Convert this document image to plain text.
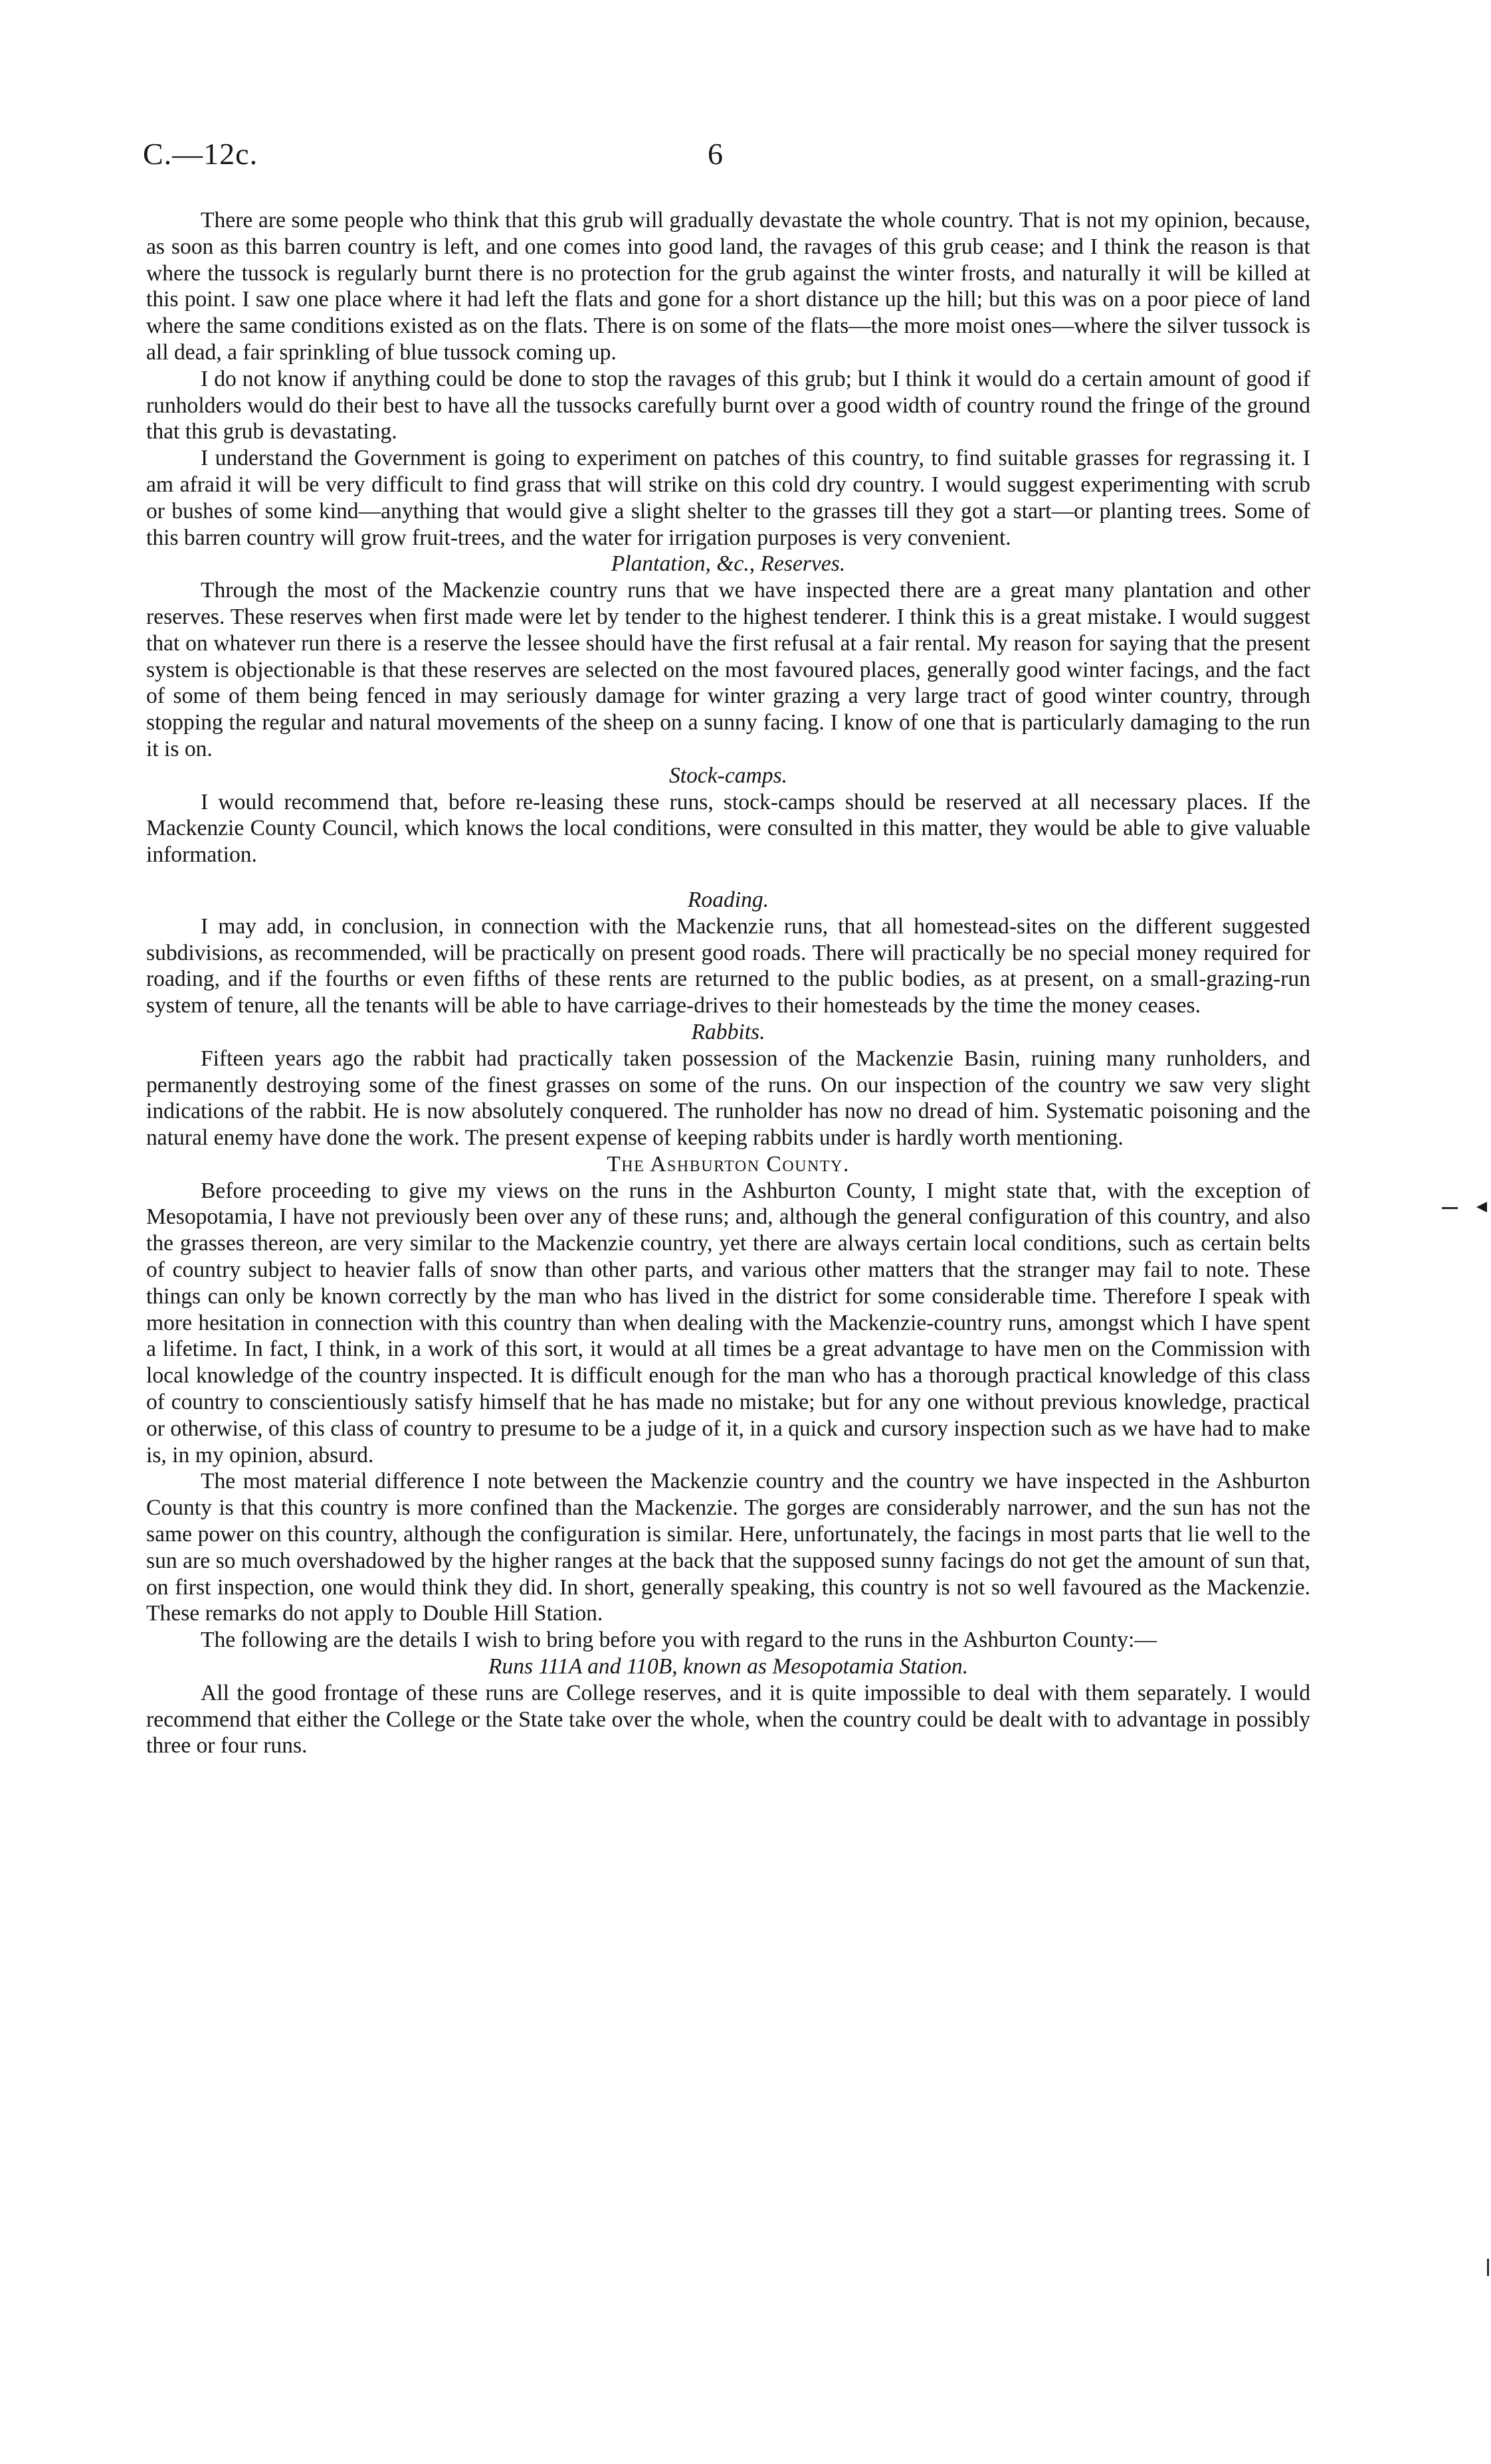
C.—12c.	6

There are some people who think that this grub will gradually devastate the whole country. That is not my opinion, because, as soon as this barren country is left, and one comes into good land, the ravages of this grub cease; and I think the reason is that where the tussock is regularly burnt there is no protection for the grub against the winter frosts, and naturally it will be killed at this point. I saw one place where it had left the flats and gone for a short distance up the hill; but this was on a poor piece of land where the same conditions existed as on the flats. There is on some of the flats—the more moist ones—where the silver tussock is all dead, a fair sprinkling of blue tussock coming up.

I do not know if anything could be done to stop the ravages of this grub; but I think it would do a certain amount of good if runholders would do their best to have all the tussocks carefully burnt over a good width of country round the fringe of the ground that this grub is devastating.

I understand the Government is going to experiment on patches of this country, to find suitable grasses for regrassing it. I am afraid it will be very difficult to find grass that will strike on this cold dry country. I would suggest experimenting with scrub or bushes of some kind—anything that would give a slight shelter to the grasses till they got a start—or planting trees. Some of this barren country will grow fruit-trees, and the water for irrigation purposes is very convenient.

Plantation, &c., Reserves.

Through the most of the Mackenzie country runs that we have inspected there are a great many plantation and other reserves. These reserves when first made were let by tender to the highest tenderer. I think this is a great mistake. I would suggest that on whatever run there is a reserve the lessee should have the first refusal at a fair rental. My reason for saying that the present system is objectionable is that these reserves are selected on the most favoured places, generally good winter facings, and the fact of some of them being fenced in may seriously damage for winter grazing a very large tract of good winter country, through stopping the regular and natural movements of the sheep on a sunny facing. I know of one that is particularly damaging to the run it is on.

Stock-camps.

I would recommend that, before re-leasing these runs, stock-camps should be reserved at all necessary places. If the Mackenzie County Council, which knows the local conditions, were consulted in this matter, they would be able to give valuable information.

Roading.

I may add, in conclusion, in connection with the Mackenzie runs, that all homestead-sites on the different suggested subdivisions, as recommended, will be practically on present good roads. There will practically be no special money required for roading, and if the fourths or even fifths of these rents are returned to the public bodies, as at present, on a small-grazing-run system of tenure, all the tenants will be able to have carriage-drives to their homesteads by the time the money ceases.

Rabbits.

Fifteen years ago the rabbit had practically taken possession of the Mackenzie Basin, ruining many runholders, and permanently destroying some of the finest grasses on some of the runs. On our inspection of the country we saw very slight indications of the rabbit. He is now absolutely conquered. The runholder has now no dread of him. Systematic poisoning and the natural enemy have done the work. The present expense of keeping rabbits under is hardly worth mentioning.

The Ashburton County.

Before proceeding to give my views on the runs in the Ashburton County, I might state that, with the exception of Mesopotamia, I have not previously been over any of these runs; and, although the general configuration of this country, and also the grasses thereon, are very similar to the Mackenzie country, yet there are always certain local conditions, such as certain belts of country subject to heavier falls of snow than other parts, and various other matters that the stranger may fail to note. These things can only be known correctly by the man who has lived in the district for some considerable time. Therefore I speak with more hesitation in connection with this country than when dealing with the Mackenzie-country runs, amongst which I have spent a lifetime. In fact, I think, in a work of this sort, it would at all times be a great advantage to have men on the Commission with local knowledge of the country inspected. It is difficult enough for the man who has a thorough practical knowledge of this class of country to conscientiously satisfy himself that he has made no mistake; but for any one without previous knowledge, practical or otherwise, of this class of country to presume to be a judge of it, in a quick and cursory inspection such as we have had to make is, in my opinion, absurd.

The most material difference I note between the Mackenzie country and the country we have inspected in the Ashburton County is that this country is more confined than the Mackenzie. The gorges are considerably narrower, and the sun has not the same power on this country, although the configuration is similar. Here, unfortunately, the facings in most parts that lie well to the sun are so much overshadowed by the higher ranges at the back that the supposed sunny facings do not get the amount of sun that, on first inspection, one would think they did. In short, generally speaking, this country is not so well favoured as the Mackenzie. These remarks do not apply to Double Hill Station.

The following are the details I wish to bring before you with regard to the runs in the Ashburton County:—

Runs 111A and 110B, known as Mesopotamia Station.

All the good frontage of these runs are College reserves, and it is quite impossible to deal with them separately. I would recommend that either the College or the State take over the whole, when the country could be dealt with to advantage in possibly three or four runs.
